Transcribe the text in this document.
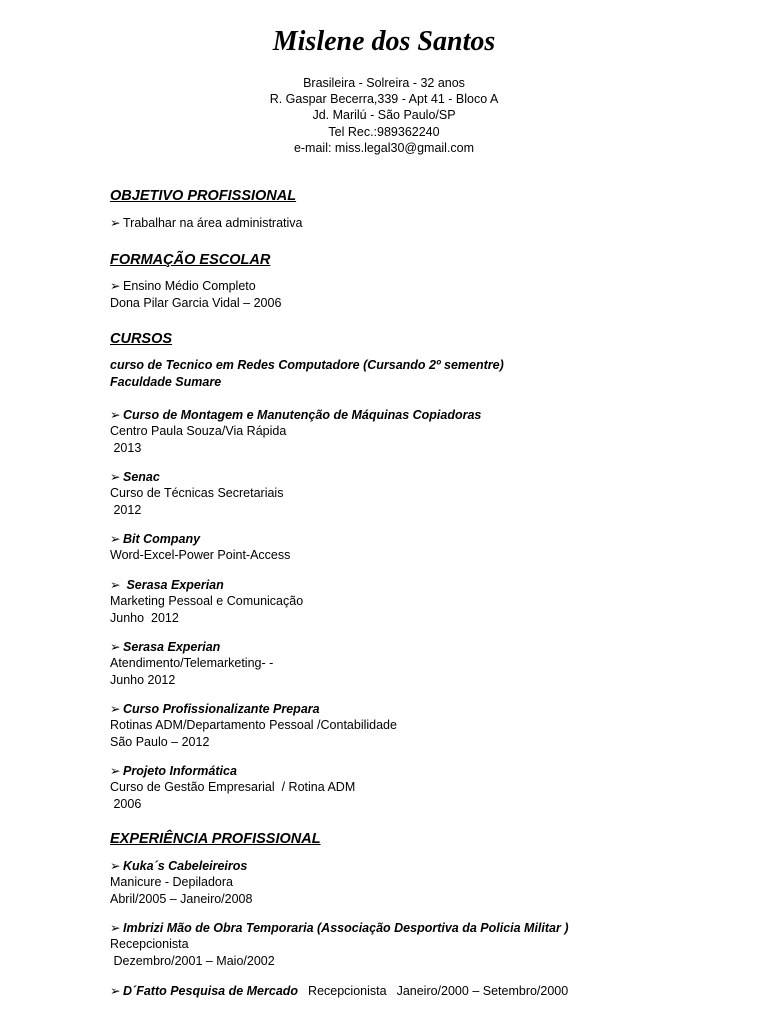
Mislene dos Santos
Brasileira - Solreira - 32 anos
R. Gaspar Becerra,339 - Apt 41 - Bloco A
Jd. Marilú - São Paulo/SP
Tel Rec.:989362240
e-mail: miss.legal30@gmail.com
OBJETIVO PROFISSIONAL
➢ Trabalhar na área administrativa
FORMAÇÃO ESCOLAR
➢ Ensino Médio Completo
Dona Pilar Garcia Vidal – 2006
CURSOS
curso de Tecnico em Redes Computadore (Cursando 2º sementre)
Faculdade Sumare
➢ Curso de Montagem e Manutenção de Máquinas Copiadoras
Centro Paula Souza/Via Rápida
2013
➢ Senac
Curso de Técnicas Secretariais
2012
➢ Bit Company
Word-Excel-Power Point-Access
➢ Serasa Experian
Marketing Pessoal e Comunicação
Junho  2012
➢ Serasa Experian
Atendimento/Telemarketing- -
Junho 2012
➢ Curso Profissionalizante Prepara
Rotinas ADM/Departamento Pessoal /Contabilidade
São Paulo – 2012
➢ Projeto Informática
Curso de Gestão Empresarial  / Rotina ADM
2006
EXPERIÊNCIA PROFISSIONAL
➢ Kuka´s Cabeleireiros
Manicure - Depiladora
Abril/2005 – Janeiro/2008
➢ Imbrizi Mão de Obra Temporaria (Associação Desportiva da Policia Militar )
Recepcionista
Dezembro/2001 – Maio/2002
➢ D´Fatto Pesquisa de Mercado Recepcionista Janeiro/2000 – Setembro/2000
